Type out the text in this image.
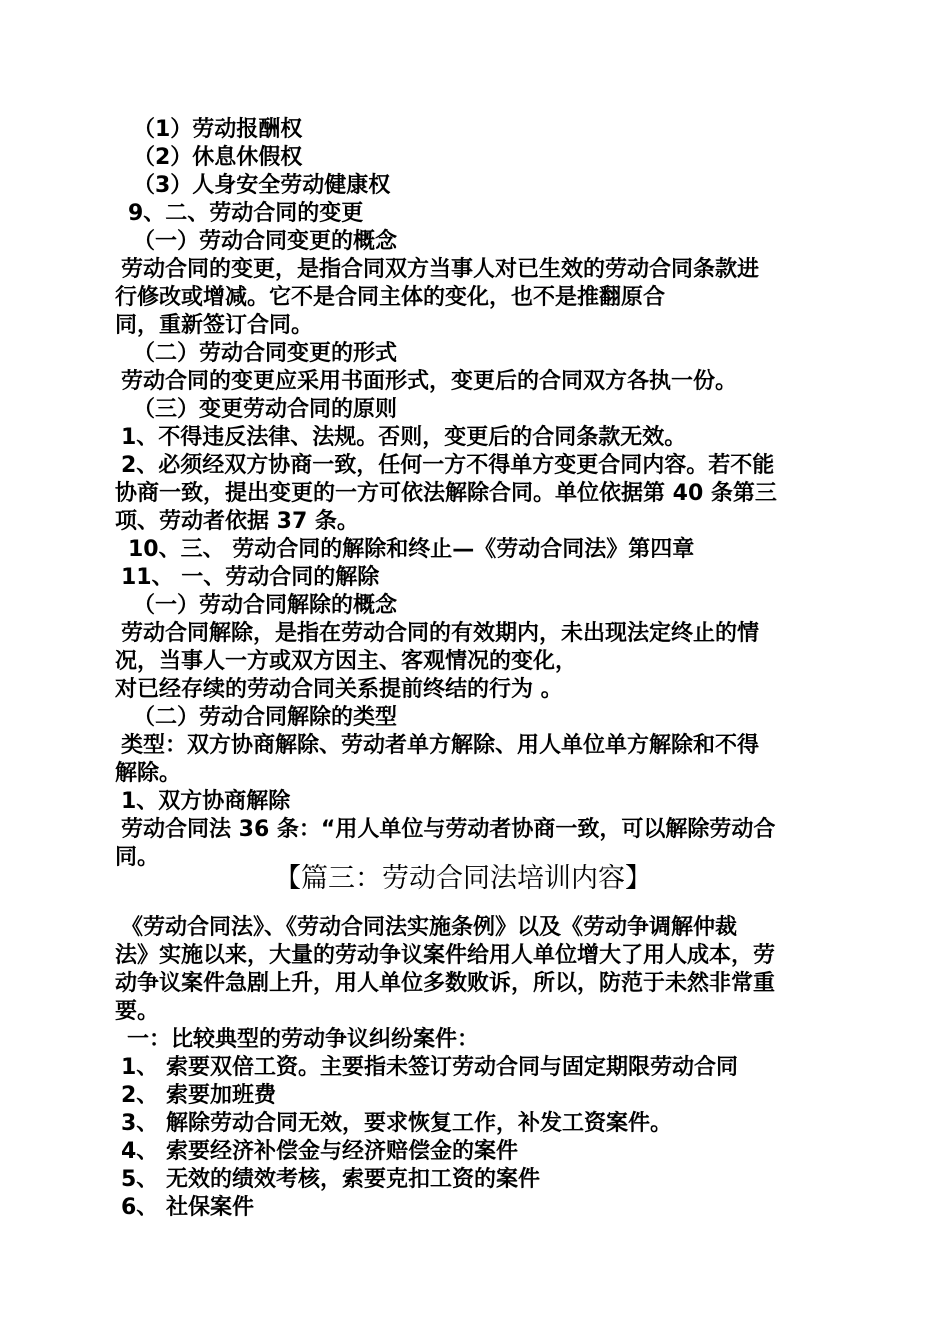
（1）劳动报酬权
（2）休息休假权
（3）人身安全劳动健康权
9、二、劳动合同的变更
（一）劳动合同变更的概念
劳动合同的变更，是指合同双方当事人对已生效的劳动合同条款进
行修改或增减。它不是合同主体的变化，也不是推翻原合
同，重新签订合同。
（二）劳动合同变更的形式
劳动合同的变更应采用书面形式，变更后的合同双方各执一份。
（三）变更劳动合同的原则
1、不得违反法律、法规。否则，变更后的合同条款无效。
2、必须经双方协商一致，任何一方不得单方变更合同内容。若不能
协商一致，提出变更的一方可依法解除合同。单位依据第 40 条第三
项、劳动者依据 37 条。
10、三、 劳动合同的解除和终止—《劳动合同法》第四章
11、 一、劳动合同的解除
（一）劳动合同解除的概念
劳动合同解除，是指在劳动合同的有效期内，未出现法定终止的情
况，当事人一方或双方因主、客观情况的变化，
对已经存续的劳动合同关系提前终结的行为 。
（二）劳动合同解除的类型
类型：双方协商解除、劳动者单方解除、用人单位单方解除和不得
解除。
1、双方协商解除
劳动合同法 36 条：“用人单位与劳动者协商一致，可以解除劳动合
同。
【篇三：劳动合同法培训内容】
《劳动合同法》、《劳动合同法实施条例》以及《劳动争调解仲裁
法》实施以来，大量的劳动争议案件给用人单位增大了用人成本，劳
动争议案件急剧上升，用人单位多数败诉，所以，防范于未然非常重
要。
一：比较典型的劳动争议纠纷案件：
1、 索要双倍工资。主要指未签订劳动合同与固定期限劳动合同
2、 索要加班费
3、 解除劳动合同无效，要求恢复工作，补发工资案件。
4、 索要经济补偿金与经济赔偿金的案件
5、 无效的绩效考核，索要克扣工资的案件
6、 社保案件
